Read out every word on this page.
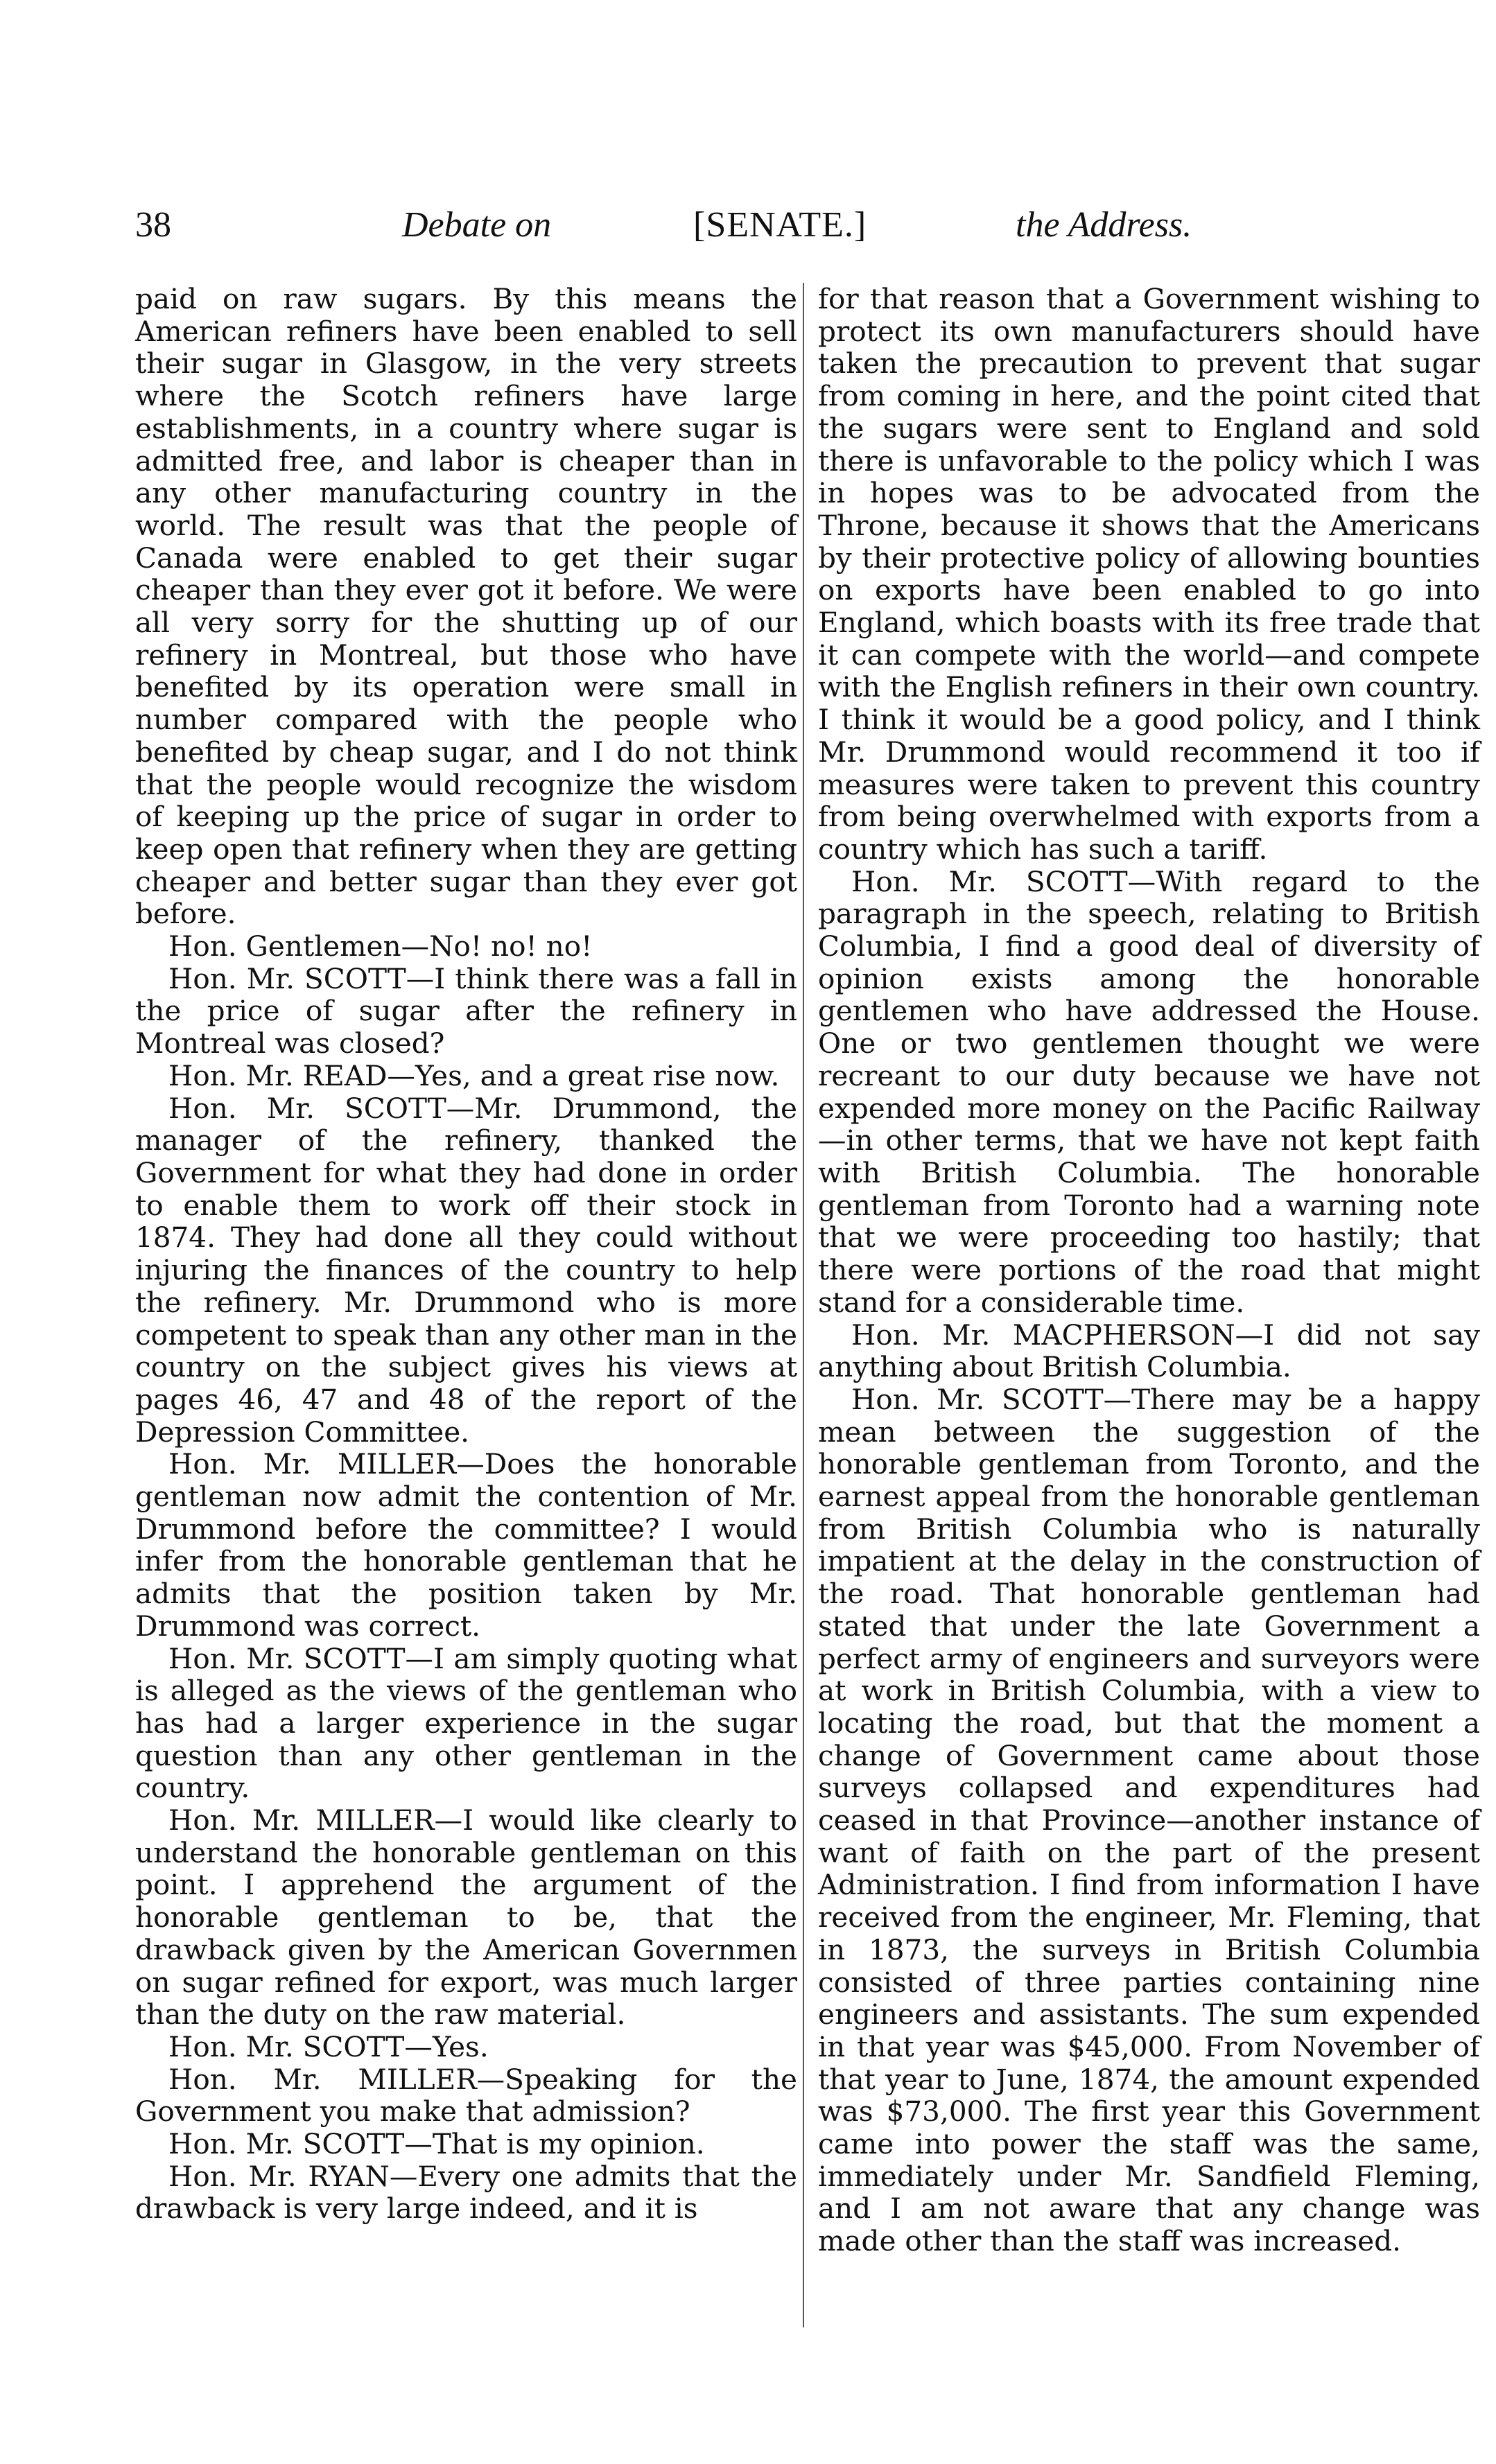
38	Debate on	[SENATE.]	the Address.

paid on raw sugars. By this means the American refiners have been enabled to sell their sugar in Glasgow, in the very streets where the Scotch refiners have large establishments, in a country where sugar is admitted free, and labor is cheaper than in any other manufacturing country in the world. The result was that the people of Canada were enabled to get their sugar cheaper than they ever got it before. We were all very sorry for the shutting up of our refinery in Montreal, but those who have benefited by its operation were small in number compared with the people who benefited by cheap sugar, and I do not think that the people would recognize the wisdom of keeping up the price of sugar in order to keep open that refinery when they are getting cheaper and better sugar than they ever got before.

Hon. Gentlemen—No! no! no!

Hon. Mr. SCOTT—I think there was a fall in the price of sugar after the refinery in Montreal was closed?

Hon. Mr. READ—Yes, and a great rise now.

Hon. Mr. SCOTT—Mr. Drummond, the manager of the refinery, thanked the Government for what they had done in order to enable them to work off their stock in 1874. They had done all they could without injuring the finances of the country to help the refinery. Mr. Drummond who is more competent to speak than any other man in the country on the subject gives his views at pages 46, 47 and 48 of the report of the Depression Committee.

Hon. Mr. MILLER—Does the honorable gentleman now admit the contention of Mr. Drummond before the committee? I would infer from the honorable gentleman that he admits that the position taken by Mr. Drummond was correct.

Hon. Mr. SCOTT—I am simply quoting what is alleged as the views of the gentleman who has had a larger experience in the sugar question than any other gentleman in the country.

Hon. Mr. MILLER—I would like clearly to understand the honorable gentleman on this point. I apprehend the argument of the honorable gentleman to be, that the drawback given by the American Governmen on sugar refined for export, was much larger than the duty on the raw material.

Hon. Mr. SCOTT—Yes.

Hon. Mr. MILLER—Speaking for the Government you make that admission?

Hon. Mr. SCOTT—That is my opinion.

Hon. Mr. RYAN—Every one admits that the drawback is very large indeed, and it is

for that reason that a Government wishing to protect its own manufacturers should have taken the precaution to prevent that sugar from coming in here, and the point cited that the sugars were sent to England and sold there is unfavorable to the policy which I was in hopes was to be advocated from the Throne, because it shows that the Americans by their protective policy of allowing bounties on exports have been enabled to go into England, which boasts with its free trade that it can compete with the world—and compete with the English refiners in their own country. I think it would be a good policy, and I think Mr. Drummond would recommend it too if measures were taken to prevent this country from being overwhelmed with exports from a country which has such a tariff.

Hon. Mr. SCOTT—With regard to the paragraph in the speech, relating to British Columbia, I find a good deal of diversity of opinion exists among the honorable gentlemen who have addressed the House. One or two gentlemen thought we were recreant to our duty because we have not expended more money on the Pacific Railway—in other terms, that we have not kept faith with British Columbia. The honorable gentleman from Toronto had a warning note that we were proceeding too hastily; that there were portions of the road that might stand for a considerable time.

Hon. Mr. MACPHERSON—I did not say anything about British Columbia.

Hon. Mr. SCOTT—There may be a happy mean between the suggestion of the honorable gentleman from Toronto, and the earnest appeal from the honorable gentleman from British Columbia who is naturally impatient at the delay in the construction of the road. That honorable gentleman had stated that under the late Government a perfect army of engineers and surveyors were at work in British Columbia, with a view to locating the road, but that the moment a change of Government came about those surveys collapsed and expenditures had ceased in that Province—another instance of want of faith on the part of the present Administration. I find from information I have received from the engineer, Mr. Fleming, that in 1873, the surveys in British Columbia consisted of three parties containing nine engineers and assistants. The sum expended in that year was $45,000. From November of that year to June, 1874, the amount expended was $73,000. The first year this Government came into power the staff was the same, immediately under Mr. Sandfield Fleming, and I am not aware that any change was made other than the staff was increased.
